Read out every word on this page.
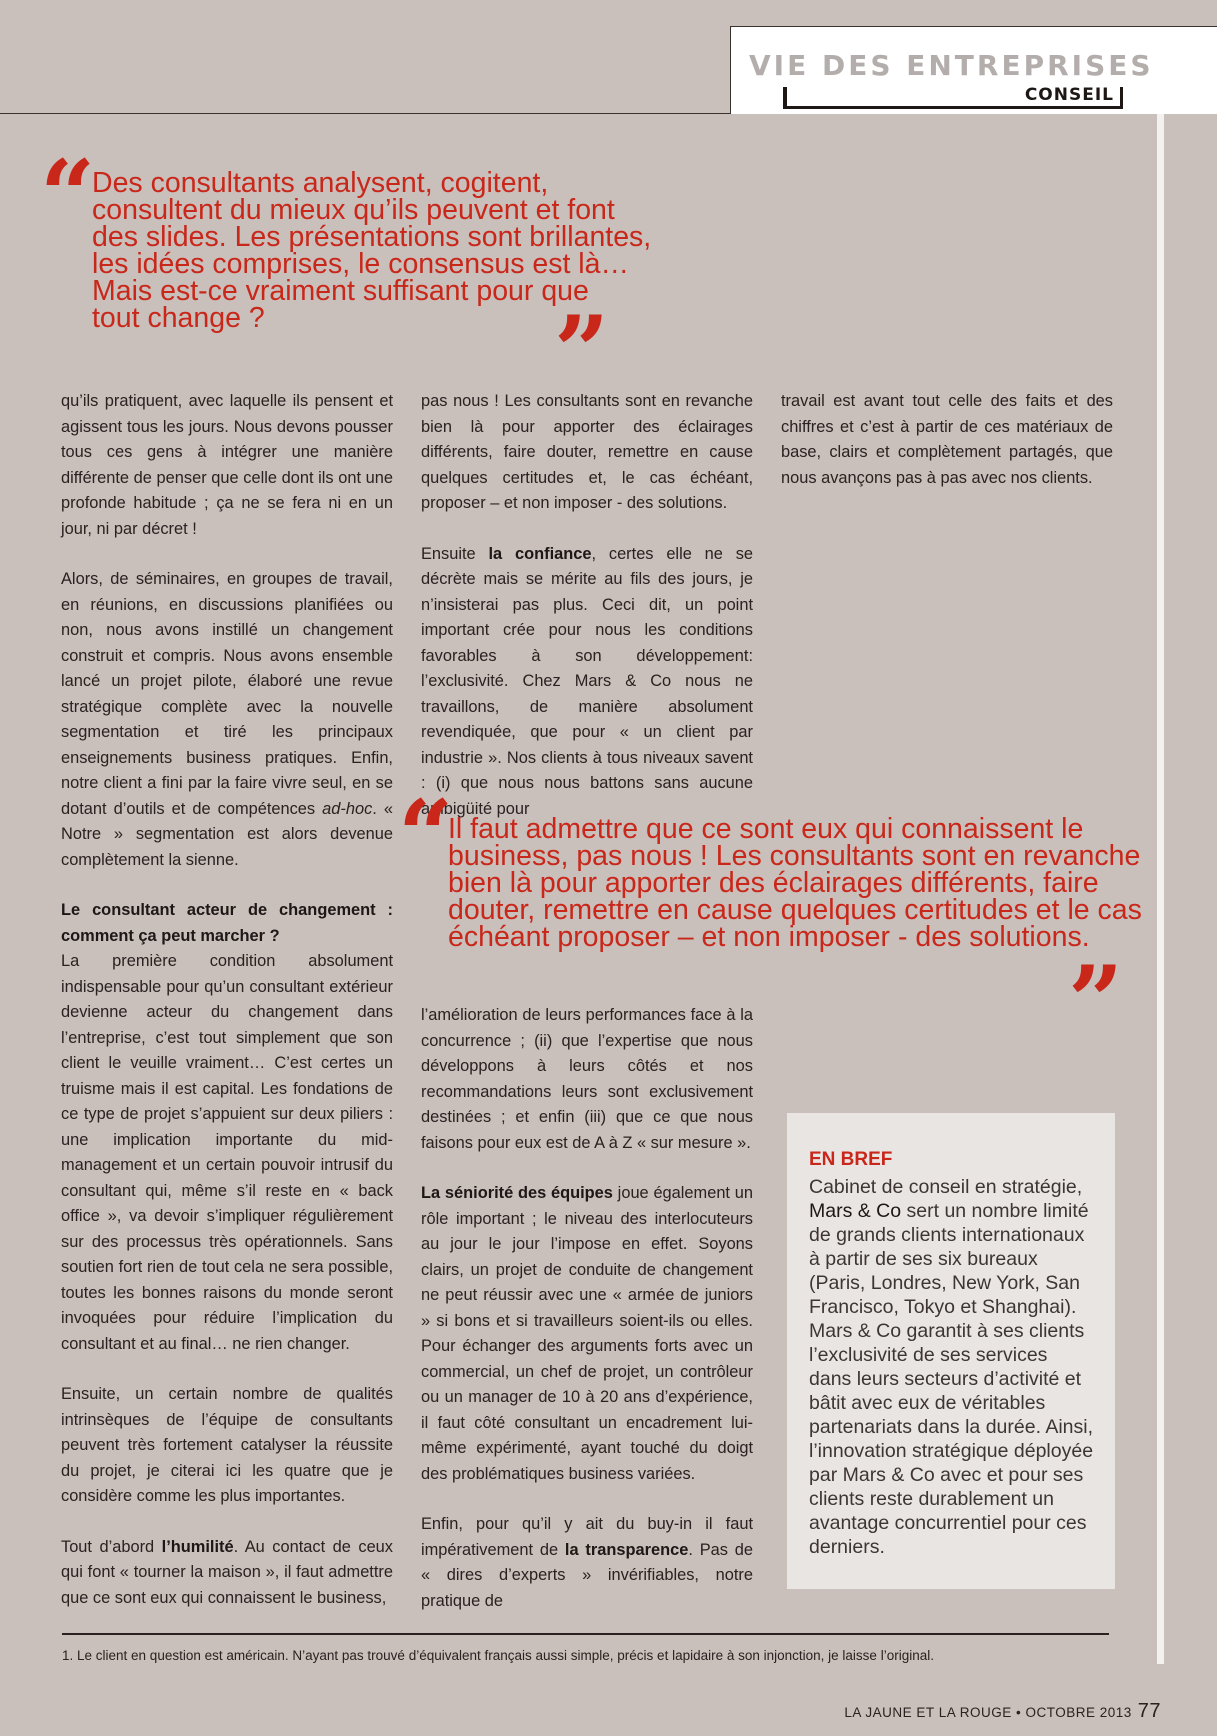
VIE DES ENTREPRISES
CONSEIL
“
Des consultants analysent, cogitent,
consultent du mieux qu’ils peuvent et font
des slides. Les présentations sont brillantes,
les idées comprises, le consensus est là…
Mais est-ce vraiment suffisant pour que
tout change ?	”

qu’ils pratiquent, avec laquelle ils pensent et agissent tous les jours. Nous devons pousser tous ces gens à intégrer une manière différente de penser que celle dont ils ont une profonde habitude ; ça ne se fera ni en un jour, ni par décret !

Alors, de séminaires, en groupes de travail, en réunions, en discussions planifiées ou non, nous avons instillé un changement construit et compris. Nous avons ensemble lancé un projet pilote, élaboré une revue stratégique complète avec la nouvelle segmentation et tiré les principaux enseignements business pratiques. Enfin, notre client a fini par la faire vivre seul, en se dotant d’outils et de compétences ad-hoc. « Notre » segmentation est alors devenue complètement la sienne.

Le consultant acteur de changement : comment ça peut marcher ?

La première condition absolument indispensable pour qu’un consultant extérieur devienne acteur du changement dans l’entreprise, c’est tout simplement que son client le veuille vraiment… C’est certes un truisme mais il est capital. Les fondations de ce type de projet s’appuient sur deux piliers : une implication importante du mid-management et un certain pouvoir intrusif du consultant qui, même s’il reste en « back office », va devoir s’impliquer régulièrement sur des processus très opérationnels. Sans soutien fort rien de tout cela ne sera possible, toutes les bonnes raisons du monde seront invoquées pour réduire l’implication du consultant et au final… ne rien changer.

Ensuite, un certain nombre de qualités intrinsèques de l’équipe de consultants peuvent très fortement catalyser la réussite du projet, je citerai ici les quatre que je considère comme les plus importantes.

Tout d’abord l’humilité. Au contact de ceux qui font « tourner la maison », il faut admettre que ce sont eux qui connaissent le business,

pas nous ! Les consultants sont en revanche bien là pour apporter des éclairages différents, faire douter, remettre en cause quelques certitudes et, le cas échéant, proposer – et non imposer - des solutions.

Ensuite la confiance, certes elle ne se décrète mais se mérite au fils des jours, je n’insisterai pas plus. Ceci dit, un point important crée pour nous les conditions favorables à son développement: l’exclusivité. Chez Mars & Co nous ne travaillons, de manière absolument revendiquée, que pour « un client par industrie ». Nos clients à tous niveaux savent : (i) que nous nous battons sans aucune ambigüité pour

“
Il faut admettre que ce sont eux qui connaissent le
business, pas nous ! Les consultants sont en revanche
bien là pour apporter des éclairages différents, faire
douter, remettre en cause quelques certitudes et le cas
échéant proposer – et non imposer - des solutions.
”

l’amélioration de leurs performances face à la concurrence ; (ii) que l’expertise que nous développons à leurs côtés et nos recommandations leurs sont exclusivement destinées ; et enfin (iii) que ce que nous faisons pour eux est de A à Z « sur mesure ».

La séniorité des équipes joue également un rôle important ; le niveau des interlocuteurs au jour le jour l’impose en effet. Soyons clairs, un projet de conduite de changement ne peut réussir avec une « armée de juniors » si bons et si travailleurs soient-ils ou elles. Pour échanger des arguments forts avec un commercial, un chef de projet, un contrôleur ou un manager de 10 à 20 ans d’expérience, il faut côté consultant un encadrement lui-même expérimenté, ayant touché du doigt des problématiques business variées.

Enfin, pour qu’il y ait du buy-in il faut impérativement de la transparence. Pas de « dires d’experts » invérifiables, notre pratique de

travail est avant tout celle des faits et des chiffres et c’est à partir de ces matériaux de base, clairs et complètement partagés, que nous avançons pas à pas avec nos clients.

EN BREF
Cabinet de conseil en stratégie, Mars & Co sert un nombre limité de grands clients internationaux à partir de ses six bureaux (Paris, Londres, New York, San Francisco, Tokyo et Shanghai). Mars & Co garantit à ses clients l’exclusivité de ses services dans leurs secteurs d’activité et bâtit avec eux de véritables partenariats dans la durée. Ainsi, l’innovation stratégique déployée par Mars & Co avec et pour ses clients reste durablement un avantage concurrentiel pour ces derniers.
1. Le client en question est américain. N’ayant pas trouvé d’équivalent français aussi simple, précis et lapidaire à son injonction, je laisse l’original.
LA JAUNE ET LA ROUGE • OCTOBRE 2013 77
